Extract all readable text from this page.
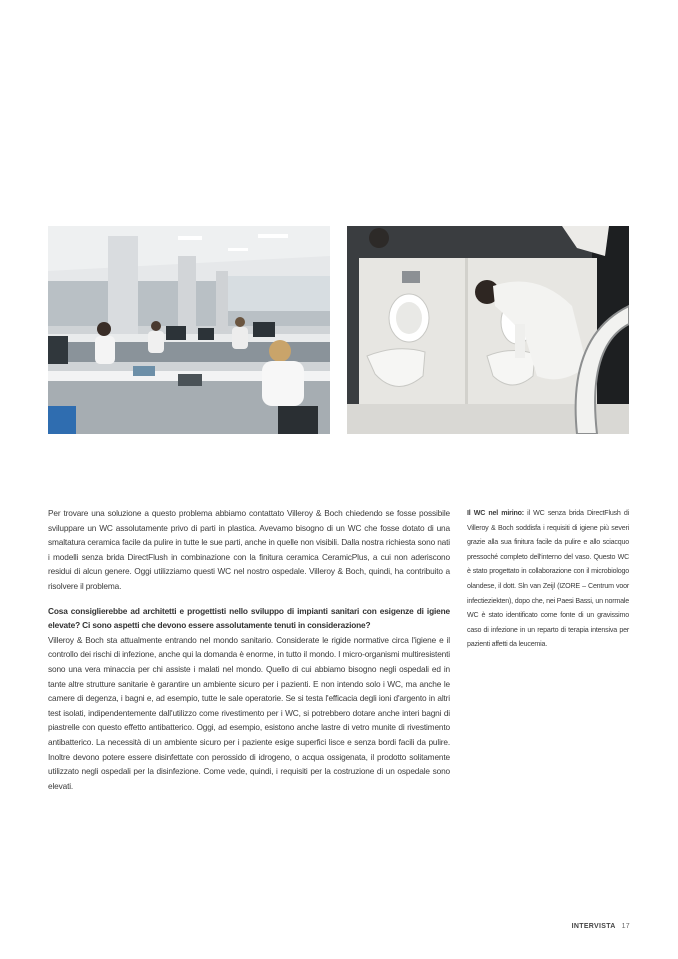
Per trovare una soluzione a questo problema abbiamo contattato Villeroy & Boch chiedendo se fosse possibile sviluppare un WC assolutamente privo di parti in plastica. Avevamo bisogno di un WC che fosse dotato di una smaltatura ceramica facile da pulire in tutte le sue parti, anche in quelle non visibili. Dalla nostra richiesta sono nati i modelli senza brida DirectFlush in combinazione con la finitura ceramica CeramicPlus, a cui non aderiscono residui di alcun genere. Oggi utilizziamo questi WC nel nostro ospedale. Villeroy & Boch, quindi, ha contribuito a risolvere il problema.

Cosa consiglierebbe ad architetti e progettisti nello sviluppo di impianti sanitari con esigenze di igiene elevate? Ci sono aspetti che devono essere assolutamente tenuti in considerazione?

Villeroy & Boch sta attualmente entrando nel mondo sanitario. Considerate le rigide normative circa l'igiene e il controllo dei rischi di infezione, anche qui la domanda è enorme, in tutto il mondo. I micro-organismi multiresistenti sono una vera minaccia per chi assiste i malati nel mondo. Quello di cui abbiamo bisogno negli ospedali ed in tante altre strutture sanitarie è garantire un ambiente sicuro per i pazienti. E non intendo solo i WC, ma anche le camere di degenza, i bagni e, ad esempio, tutte le sale operatorie. Se si testa l'efficacia degli ioni d'argento in altri test isolati, indipendentemente dall'utilizzo come rivestimento per i WC, si potrebbero dotare anche interi bagni di piastrelle con questo effetto antibatterico. Oggi, ad esempio, esistono anche lastre di vetro munite di rivestimento antibatterico. La necessità di un ambiente sicuro per i paziente esige superfici lisce e senza bordi facili da pulire. Inoltre devono potere essere disinfettate con perossido di idrogeno, o acqua ossigenata, il prodotto solitamente utilizzato negli ospedali per la disinfezione. Come vede, quindi, i requisiti per la costruzione di un ospedale sono elevati.

Il WC nel mirino: il WC senza brida DirectFlush di Villeroy & Boch soddisfa i requisiti di igiene più severi grazie alla sua finitura facile da pulire e allo sciacquo pressoché completo dell'interno del vaso. Questo WC è stato progettato in collaborazione con il microbiologo olandese, il dott. Sln van Zeijl (IZORE – Centrum voor infectieziekten), dopo che, nei Paesi Bassi, un normale WC è stato identificato come fonte di un gravissimo caso di infezione in un reparto di terapia intensiva per pazienti affetti da leucemia.

INTERVISTA 17
